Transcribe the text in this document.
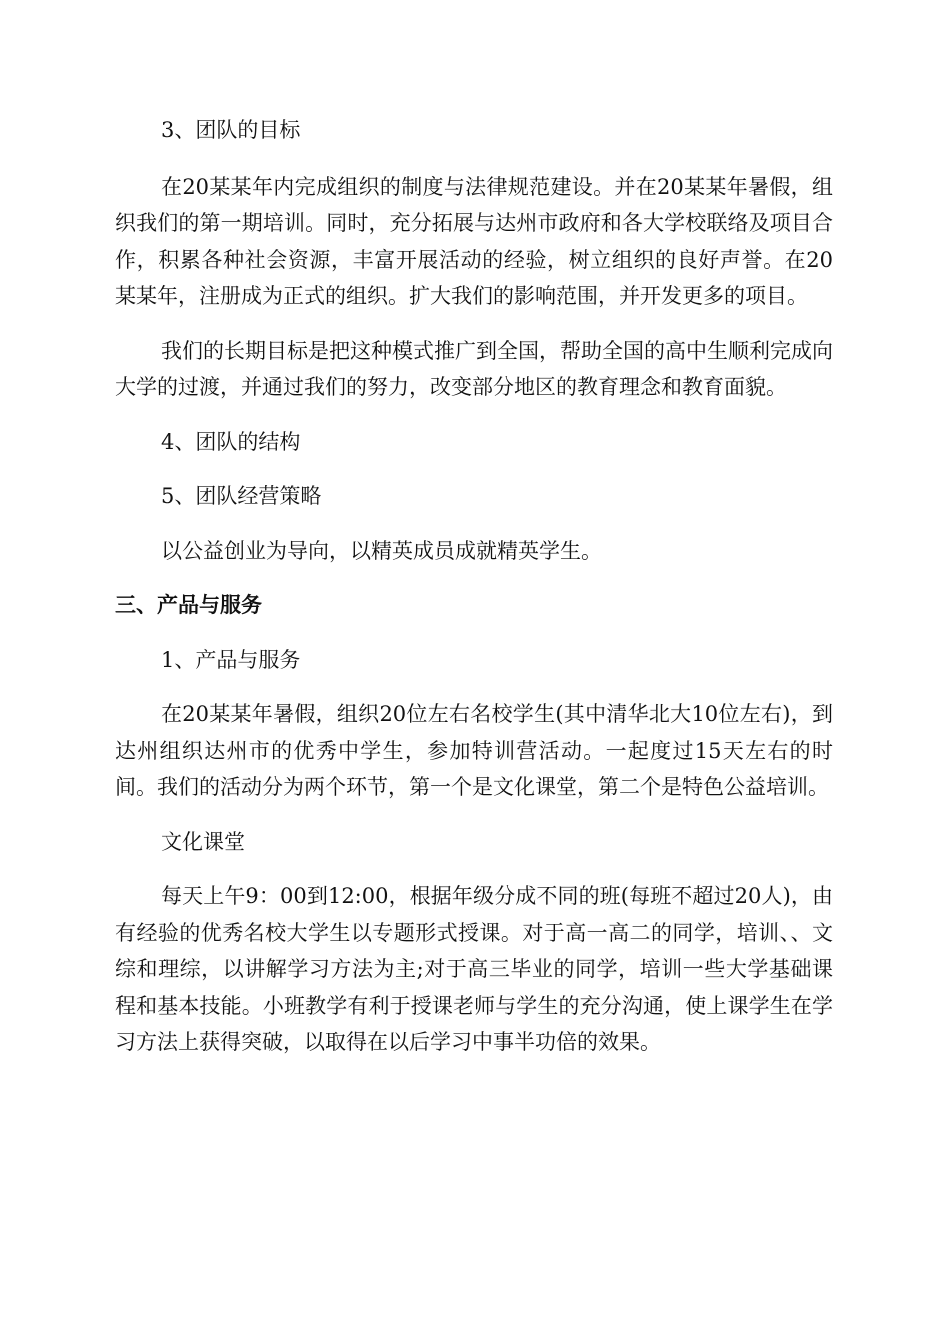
3、团队的目标

在20某某年内完成组织的制度与法律规范建设。并在20某某年暑假，组织我们的第一期培训。同时，充分拓展与达州市政府和各大学校联络及项目合作，积累各种社会资源，丰富开展活动的经验，树立组织的良好声誉。在20某某年，注册成为正式的组织。扩大我们的影响范围，并开发更多的项目。

我们的长期目标是把这种模式推广到全国，帮助全国的高中生顺利完成向大学的过渡，并通过我们的努力，改变部分地区的教育理念和教育面貌。

4、团队的结构

5、团队经营策略

以公益创业为导向，以精英成员成就精英学生。

三、产品与服务

1、产品与服务

在20某某年暑假，组织20位左右名校学生(其中清华北大10位左右)，到达州组织达州市的优秀中学生，参加特训营活动。一起度过15天左右的时间。我们的活动分为两个环节，第一个是文化课堂，第二个是特色公益培训。

文化课堂

每天上午9：00到12:00，根据年级分成不同的班(每班不超过20人)，由有经验的优秀名校大学生以专题形式授课。对于高一高二的同学，培训、、文综和理综，以讲解学习方法为主;对于高三毕业的同学，培训一些大学基础课程和基本技能。小班教学有利于授课老师与学生的充分沟通，使上课学生在学习方法上获得突破，以取得在以后学习中事半功倍的效果。
